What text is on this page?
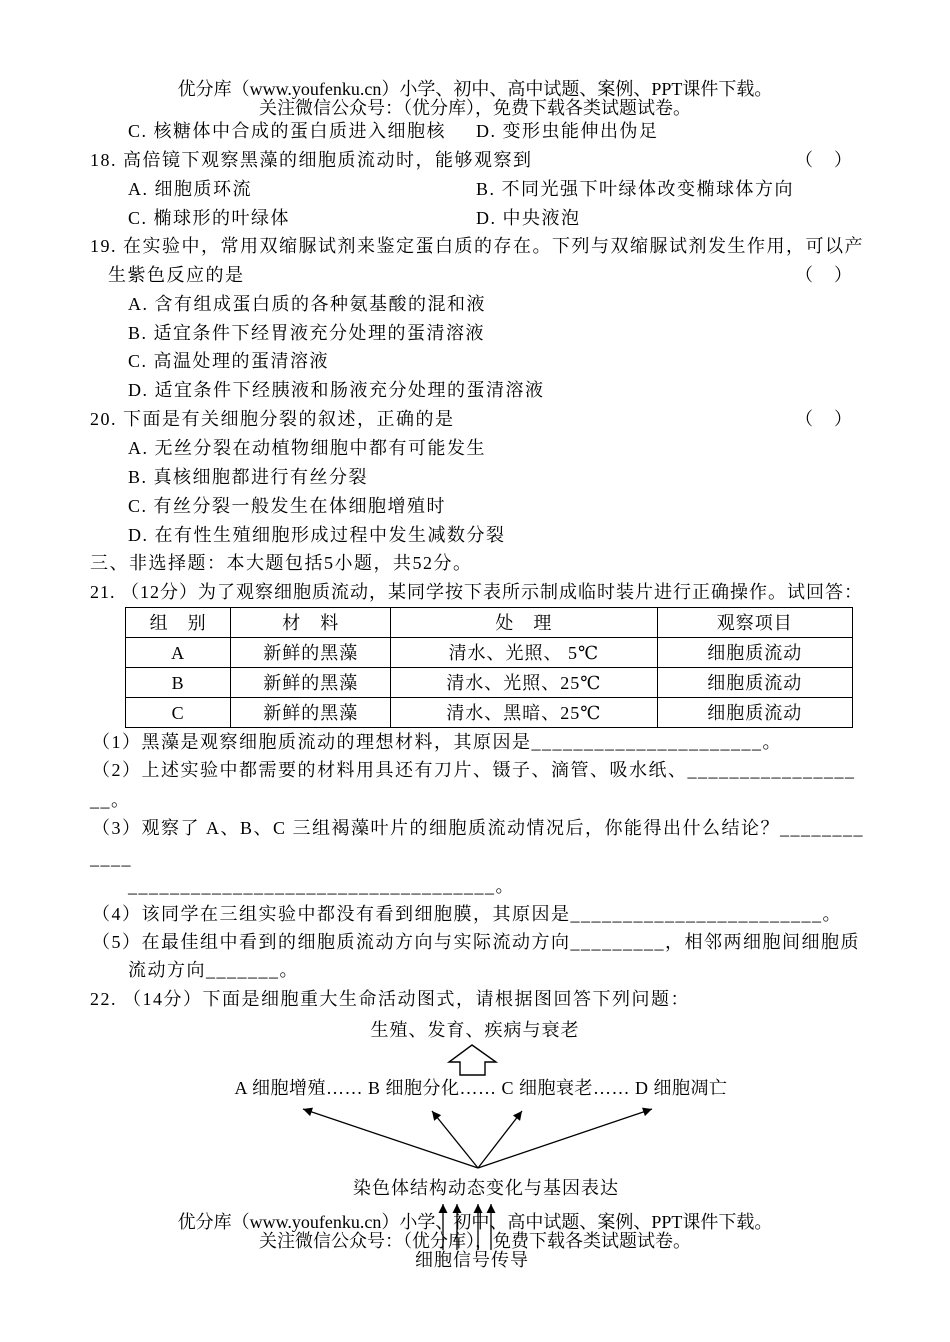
优分库（www.youfenku.cn）小学、初中、高中试题、案例、PPT课件下载。
关注微信公众号：（优分库），免费下载各类试题试卷。
C. 核糖体中合成的蛋白质进入细胞核 D. 变形虫能伸出伪足
18. 高倍镜下观察黑藻的细胞质流动时，能够观察到	（　）
A. 细胞质环流	B. 不同光强下叶绿体改变椭球体方向
C. 椭球形的叶绿体	D. 中央液泡
19. 在实验中，常用双缩脲试剂来鉴定蛋白质的存在。下列与双缩脲试剂发生作用，可以产
生紫色反应的是	（　）
A. 含有组成蛋白质的各种氨基酸的混和液
B. 适宜条件下经胃液充分处理的蛋清溶液
C. 高温处理的蛋清溶液
D. 适宜条件下经胰液和肠液充分处理的蛋清溶液
20. 下面是有关细胞分裂的叙述，正确的是	（　）
A. 无丝分裂在动植物细胞中都有可能发生
B. 真核细胞都进行有丝分裂
C. 有丝分裂一般发生在体细胞增殖时
D. 在有性生殖细胞形成过程中发生减数分裂
三、非选择题：本大题包括5小题，共52分。
21. （12分）为了观察细胞质流动，某同学按下表所示制成临时装片进行正确操作。试回答：
组　别	材　料	处　理	观察项目
A	新鲜的黑藻	清水、光照、 5℃	细胞质流动
B	新鲜的黑藻	清水、光照、25℃	细胞质流动
C	新鲜的黑藻	清水、黑暗、25℃	细胞质流动
（1）黑藻是观察细胞质流动的理想材料，其原因是______________________。
（2）上述实验中都需要的材料用具还有刀片、镊子、滴管、吸水纸、________________
__。
（3）观察了 A、B、C 三组褐藻叶片的细胞质流动情况后，你能得出什么结论？________
____
___________________________________。
（4）该同学在三组实验中都没有看到细胞膜，其原因是________________________。
（5）在最佳组中看到的细胞质流动方向与实际流动方向_________，相邻两细胞间细胞质
流动方向_______。
22. （14分）下面是细胞重大生命活动图式，请根据图回答下列问题：
生殖、发育、疾病与衰老
A 细胞增殖…… B 细胞分化…… C 细胞衰老…… D 细胞凋亡
染色体结构动态变化与基因表达
优分库（www.youfenku.cn）小学、初中、高中试题、案例、PPT课件下载。
关注微信公众号：（优分库），免费下载各类试题试卷。
细胞信号传导
